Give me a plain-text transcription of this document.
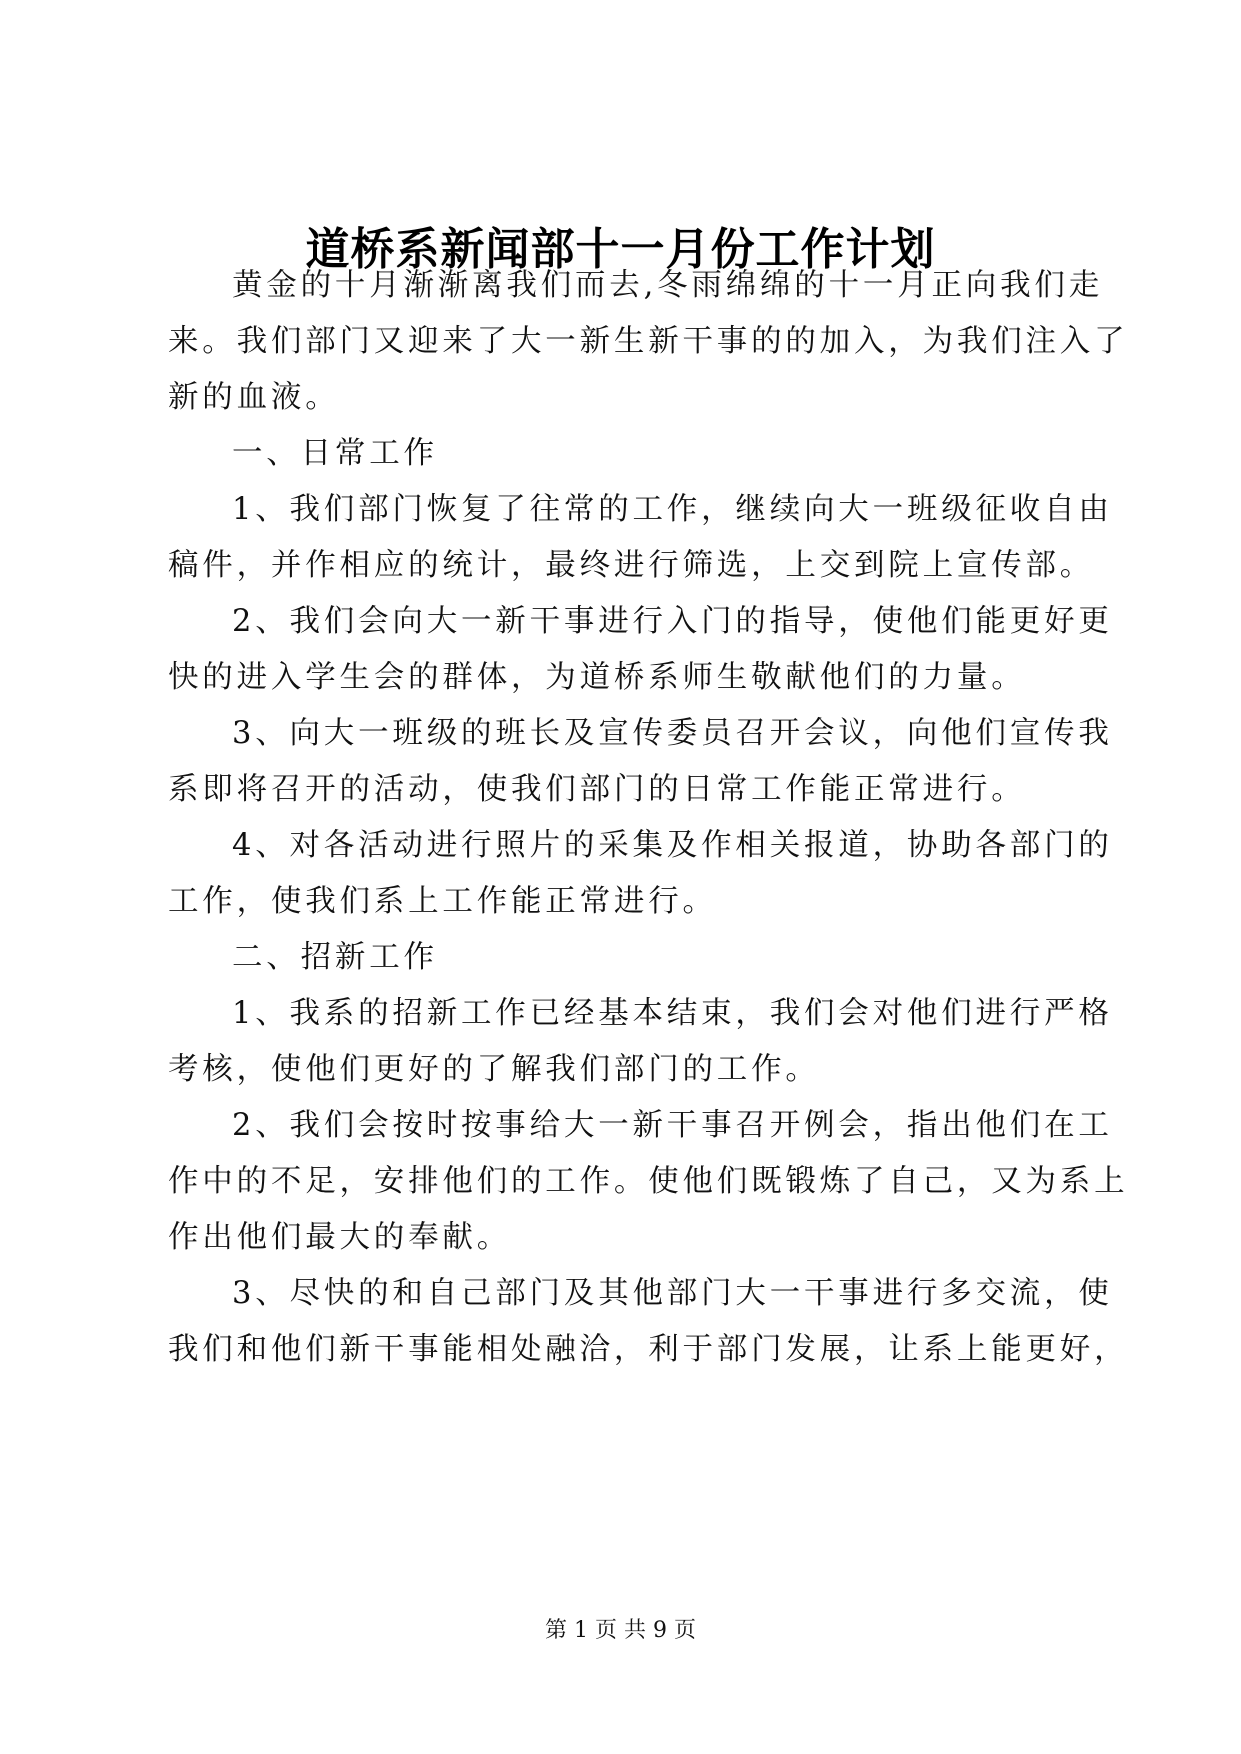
道桥系新闻部十一月份工作计划
黄金的十月渐渐离我们而去,冬雨绵绵的十一月正向我们走
来。我们部门又迎来了大一新生新干事的的加入，为我们注入了
新的血液。
一、日常工作
1、我们部门恢复了往常的工作，继续向大一班级征收自由
稿件，并作相应的统计，最终进行筛选，上交到院上宣传部。
2、我们会向大一新干事进行入门的指导，使他们能更好更
快的进入学生会的群体，为道桥系师生敬献他们的力量。
3、向大一班级的班长及宣传委员召开会议，向他们宣传我
系即将召开的活动，使我们部门的日常工作能正常进行。
4、对各活动进行照片的采集及作相关报道，协助各部门的
工作，使我们系上工作能正常进行。
二、招新工作
1、我系的招新工作已经基本结束，我们会对他们进行严格
考核，使他们更好的了解我们部门的工作。
2、我们会按时按事给大一新干事召开例会，指出他们在工
作中的不足，安排他们的工作。使他们既锻炼了自己，又为系上
作出他们最大的奉献。
3、尽快的和自己部门及其他部门大一干事进行多交流，使
我们和他们新干事能相处融洽，利于部门发展，让系上能更好，
第 1 页 共 9 页
